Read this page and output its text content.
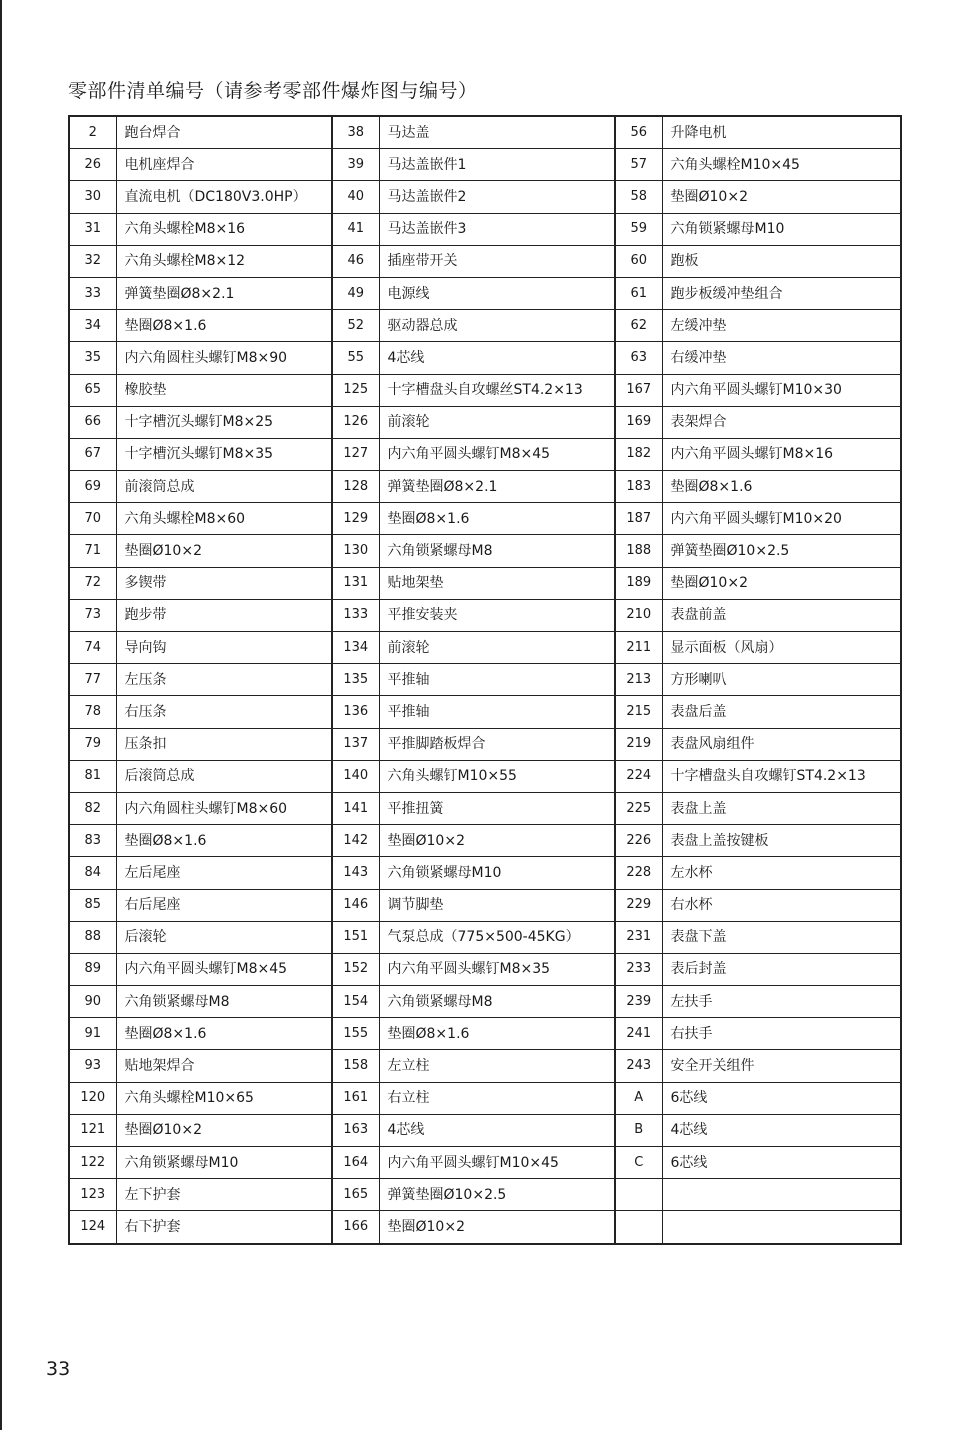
零部件清单编号（请参考零部件爆炸图与编号）
2	跑台焊合	38	马达盖	56	升降电机
26	电机座焊合	39	马达盖嵌件1	57	六角头螺栓M10×45
30	直流电机（DC180V3.0HP）	40	马达盖嵌件2	58	垫圈Ø10×2
31	六角头螺栓M8×16	41	马达盖嵌件3	59	六角锁紧螺母M10
32	六角头螺栓M8×12	46	插座带开关	60	跑板
33	弹簧垫圈Ø8×2.1	49	电源线	61	跑步板缓冲垫组合
34	垫圈Ø8×1.6	52	驱动器总成	62	左缓冲垫
35	内六角圆柱头螺钉M8×90	55	4芯线	63	右缓冲垫
65	橡胶垫	125	十字槽盘头自攻螺丝ST4.2×13	167	内六角平圆头螺钉M10×30
66	十字槽沉头螺钉M8×25	126	前滚轮	169	表架焊合
67	十字槽沉头螺钉M8×35	127	内六角平圆头螺钉M8×45	182	内六角平圆头螺钉M8×16
69	前滚筒总成	128	弹簧垫圈Ø8×2.1	183	垫圈Ø8×1.6
70	六角头螺栓M8×60	129	垫圈Ø8×1.6	187	内六角平圆头螺钉M10×20
71	垫圈Ø10×2	130	六角锁紧螺母M8	188	弹簧垫圈Ø10×2.5
72	多锲带	131	贴地架垫	189	垫圈Ø10×2
73	跑步带	133	平推安装夹	210	表盘前盖
74	导向钩	134	前滚轮	211	显示面板（风扇）
77	左压条	135	平推轴	213	方形喇叭
78	右压条	136	平推轴	215	表盘后盖
79	压条扣	137	平推脚踏板焊合	219	表盘风扇组件
81	后滚筒总成	140	六角头螺钉M10×55	224	十字槽盘头自攻螺钉ST4.2×13
82	内六角圆柱头螺钉M8×60	141	平推扭簧	225	表盘上盖
83	垫圈Ø8×1.6	142	垫圈Ø10×2	226	表盘上盖按键板
84	左后尾座	143	六角锁紧螺母M10	228	左水杯
85	右后尾座	146	调节脚垫	229	右水杯
88	后滚轮	151	气泵总成（775×500-45KG）	231	表盘下盖
89	内六角平圆头螺钉M8×45	152	内六角平圆头螺钉M8×35	233	表后封盖
90	六角锁紧螺母M8	154	六角锁紧螺母M8	239	左扶手
91	垫圈Ø8×1.6	155	垫圈Ø8×1.6	241	右扶手
93	贴地架焊合	158	左立柱	243	安全开关组件
120	六角头螺栓M10×65	161	右立柱	A	6芯线
121	垫圈Ø10×2	163	4芯线	B	4芯线
122	六角锁紧螺母M10	164	内六角平圆头螺钉M10×45	C	6芯线
123	左下护套	165	弹簧垫圈Ø10×2.5		
124	右下护套	166	垫圈Ø10×2		
33
